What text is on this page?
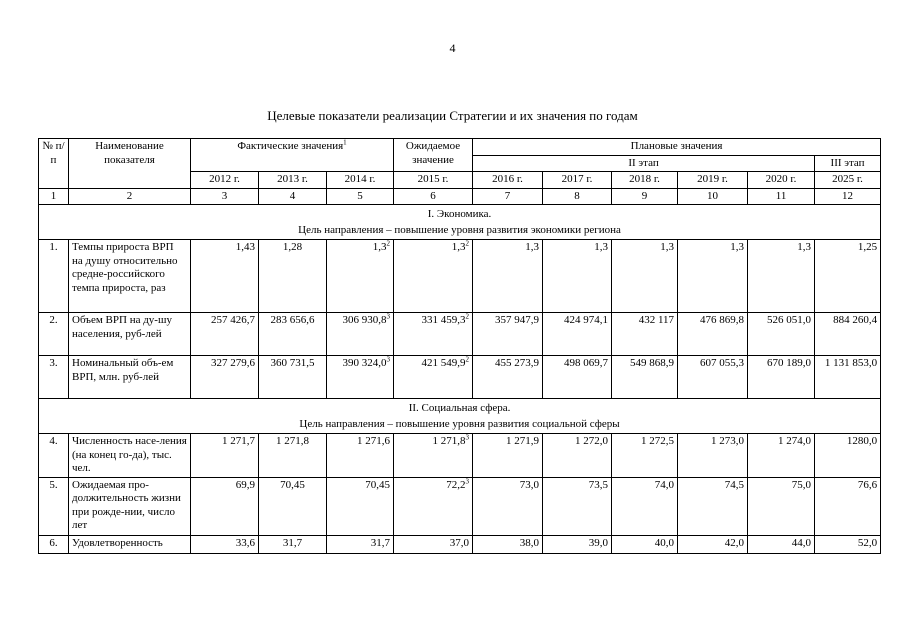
4
Целевые показатели реализации Стратегии и их значения по годам
№ п/п	Наименование показателя	Фактические значения$^1$			Ожидаемое значение	Плановые значения					
						II этап					III этап
		2012 г.	2013 г.	2014 г.	2015 г.	2016 г.	2017 г.	2018 г.	2019 г.	2020 г.	2025 г.
1	2	3	4	5	6	7	8	9	10	11	12

I. Экономика.
Цель направления – повышение уровня развития экономики региона											

1.	Темпы прироста ВРП на душу относительно средне-российского темпа прироста, раз	1,43	1,28	$1,3^2$	$1,3^2$	1,3	1,3	1,3	1,3	1,3	1,25
2.	Объем ВРП на ду-шу населения, руб-лей	257 426,7	283 656,6	306 930,8$^3$	331 459,3$^2$	357 947,9	424 974,1	432 117	476 869,8	526 051,0	884 260,4
3.	Номинальный объ-ем ВРП, млн. руб-лей	327 279,6	360 731,5	390 324,0$^3$	421 549,9$^2$	455 273,9	498 069,7	549 868,9	607 055,3	670 189,0	1 131 853,0

II. Социальная сфера.
Цель направления – повышение уровня развития социальной сферы											

4.	Численность насе-ления (на конец го-да), тыс. чел.	1 271,7	1 271,8	1 271,6	1 271,8$^3$	1 271,9	1 272,0	1 272,5	1 273,0	1 274,0	1280,0
5.	Ожидаемая про-должительность жизни при рожде-нии, число лет	69,9	70,45	70,45	72,2$^3$	73,0	73,5	74,0	74,5	75,0	76,6
6.	Удовлетворенность	33,6	31,7	31,7	37,0	38,0	39,0	40,0	42,0	44,0	52,0
